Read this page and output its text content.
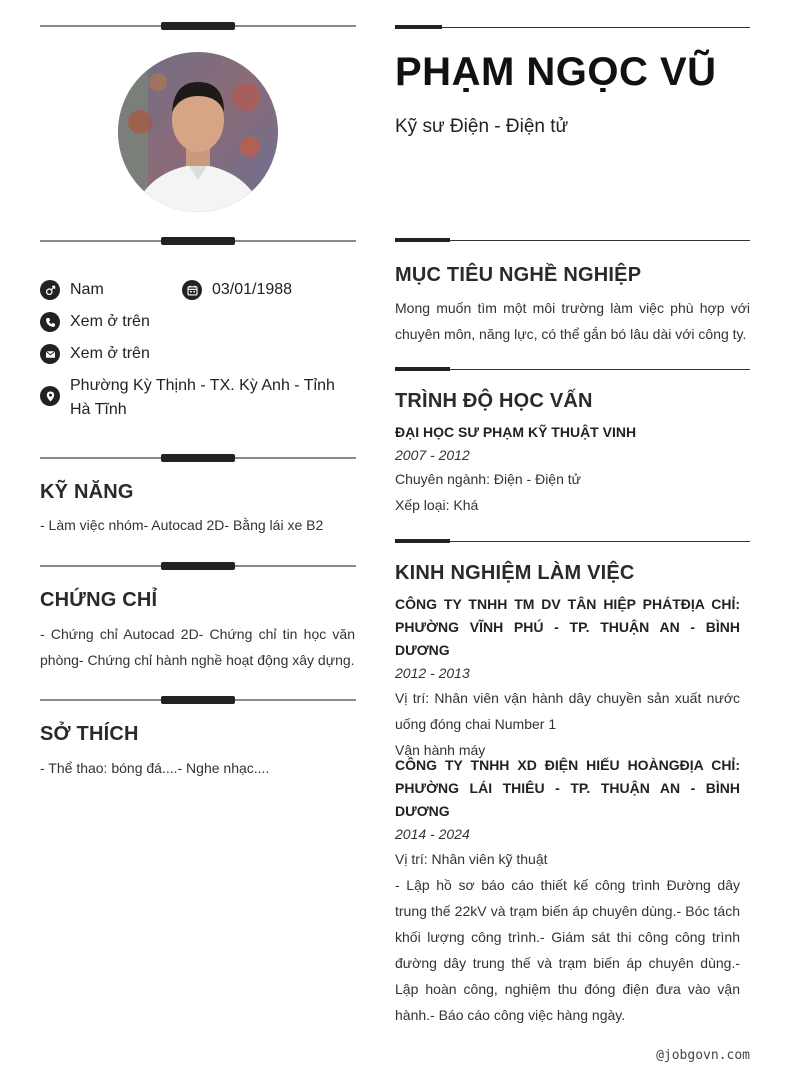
Nam	03/01/1988
Xem ở trên
Xem ở trên
Phường Kỳ Thịnh - TX. Kỳ Anh - Tỉnh Hà Tĩnh
KỸ NĂNG
- Làm việc nhóm- Autocad 2D- Bằng lái xe B2
CHỨNG CHỈ
- Chứng chỉ Autocad 2D- Chứng chỉ tin học văn phòng- Chứng chỉ hành nghề hoạt động xây dựng.
SỞ THÍCH
- Thể thao: bóng đá....- Nghe nhạc....
PHẠM NGỌC VŨ
Kỹ sư Điện - Điện tử
MỤC TIÊU NGHỀ NGHIỆP
Mong muốn tìm một môi trường làm việc phù hợp với chuyên môn, năng lực, có thể gắn bó lâu dài với công ty.
TRÌNH ĐỘ HỌC VẤN
ĐẠI HỌC SƯ PHẠM KỸ THUẬT VINH
2007 - 2012
Chuyên ngành: Điện - Điện tử
Xếp loại: Khá
KINH NGHIỆM LÀM VIỆC
CÔNG TY TNHH TM DV TÂN HIỆP PHÁTĐỊA CHỈ: PHƯỜNG VĨNH PHÚ - TP. THUẬN AN - BÌNH DƯƠNG
2012 - 2013
Vị trí: Nhân viên vận hành dây chuyền sản xuất nước uống đóng chai Number 1
Vận hành máy
CÔNG TY TNHH XD ĐIỆN HIẾU HOÀNGĐỊA CHỈ: PHƯỜNG LÁI THIÊU - TP. THUẬN AN - BÌNH DƯƠNG
2014 - 2024
Vị trí: Nhân viên kỹ thuật
- Lập hồ sơ báo cáo thiết kế công trình Đường dây trung thế 22kV và trạm biến áp chuyên dùng.- Bóc tách khối lượng công trình.- Giám sát thi công công trình đường dây trung thế và trạm biến áp chuyên dùng.- Lập hoàn công, nghiệm thu đóng điện đưa vào vận hành.- Báo cáo công việc hàng ngày.
@jobgovn.com
